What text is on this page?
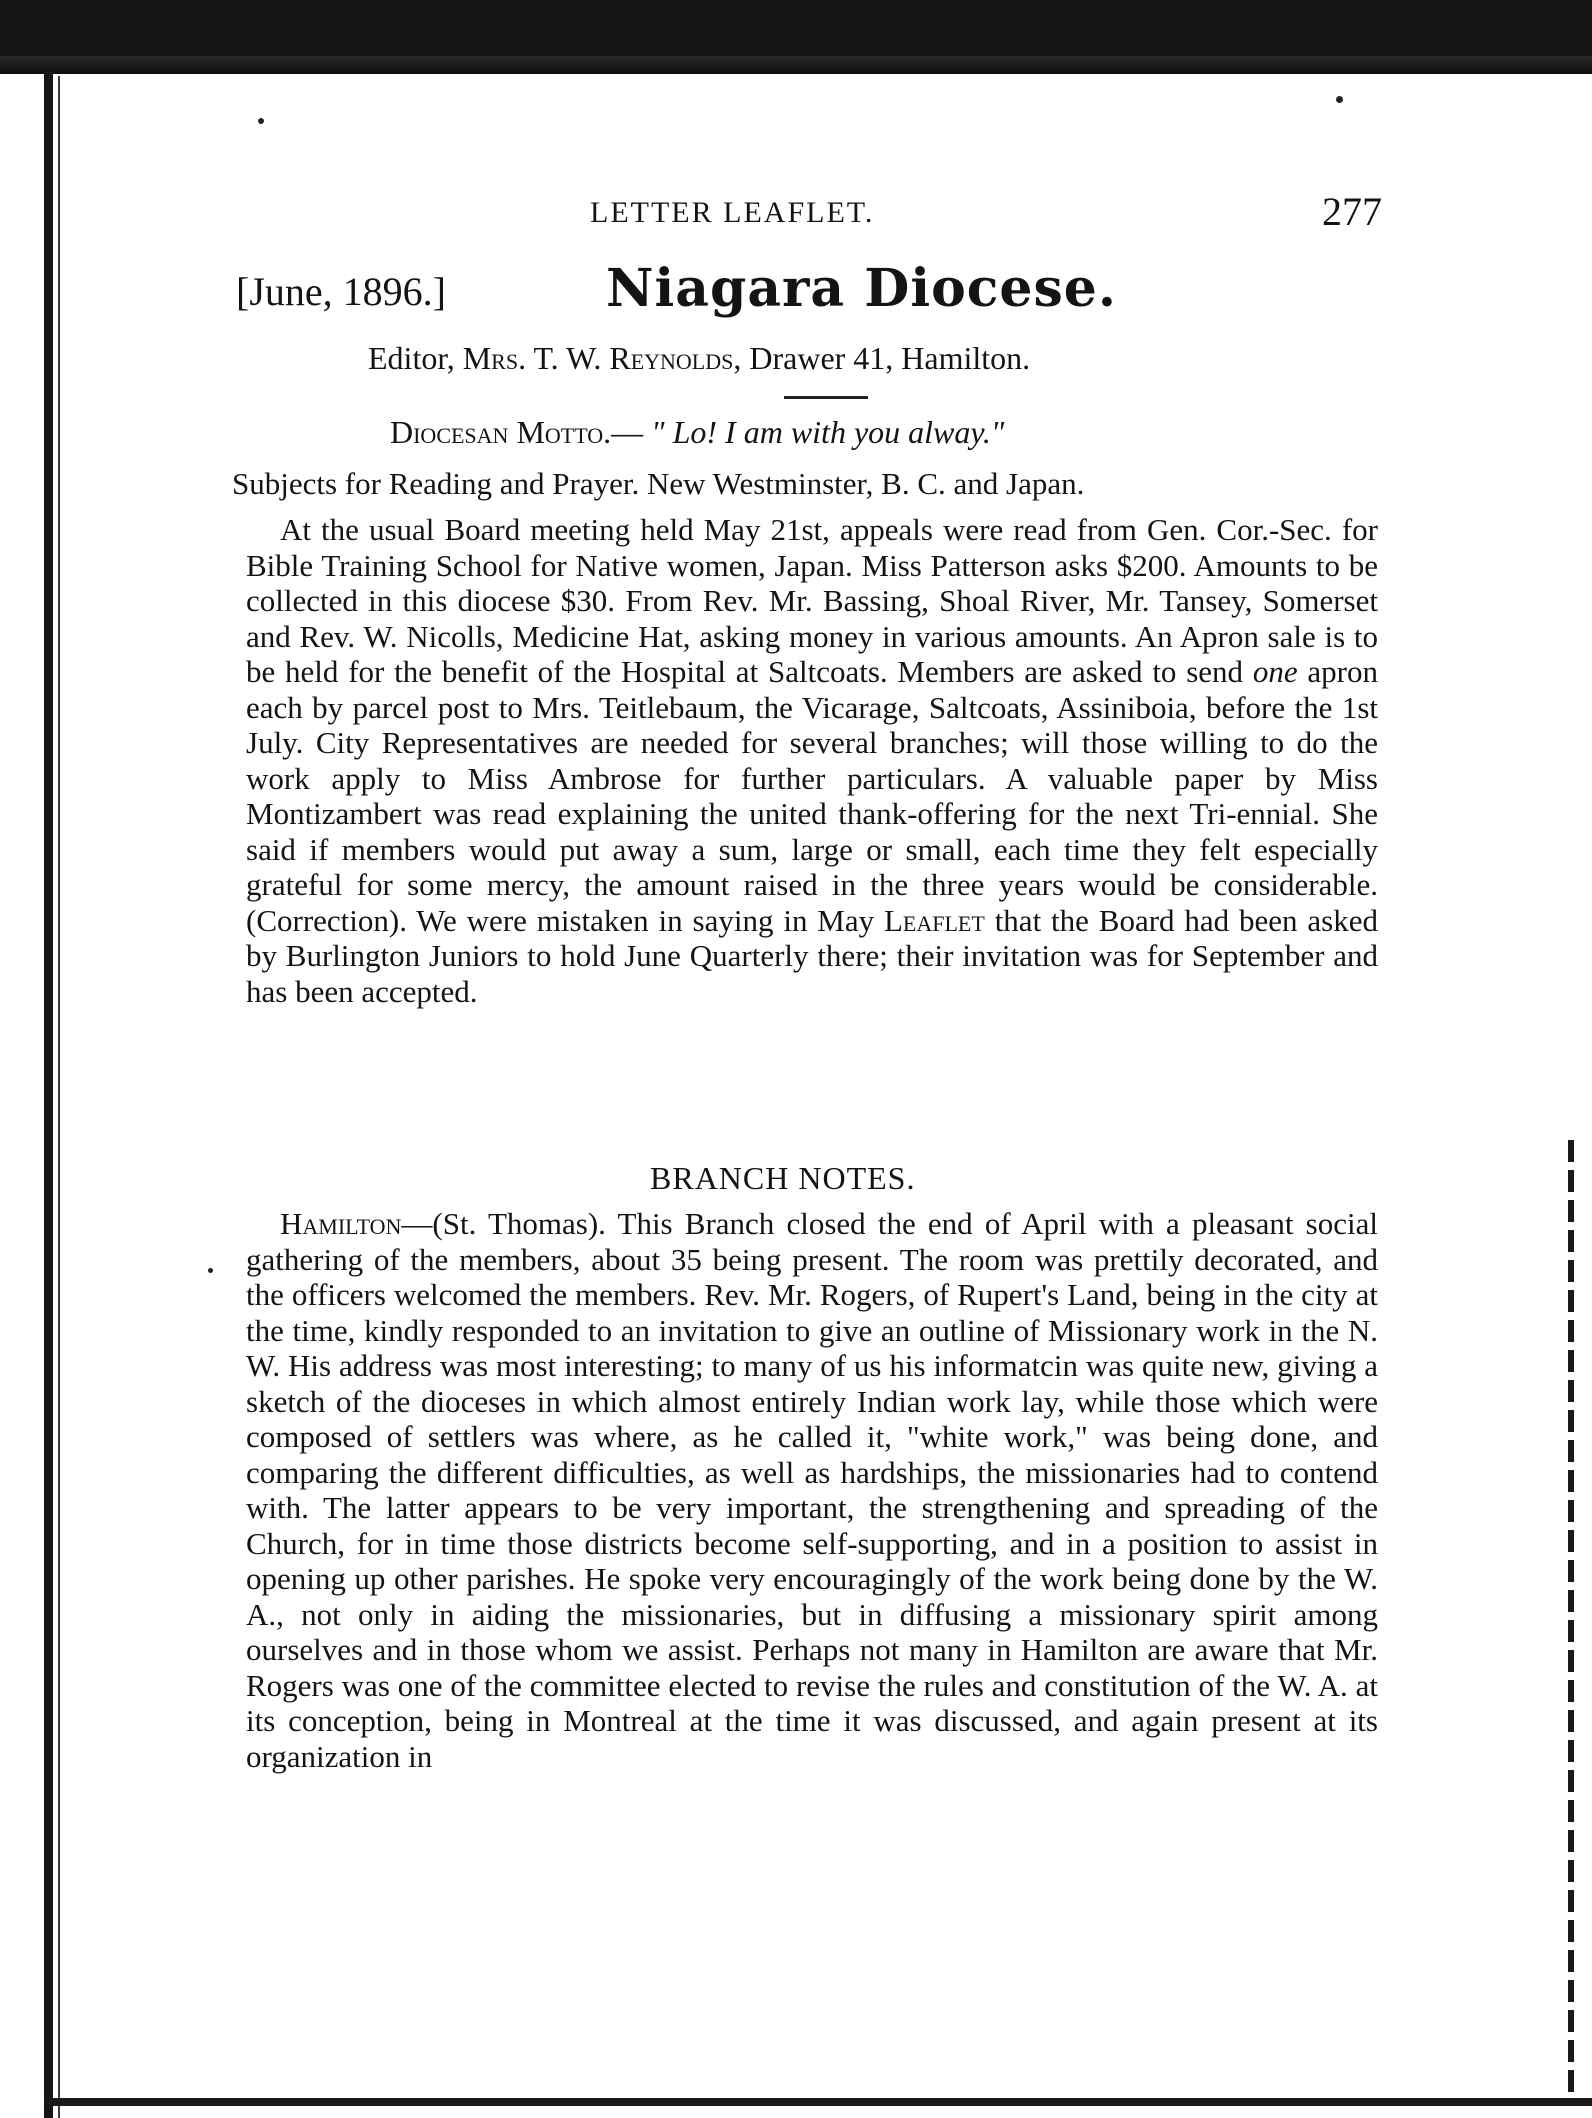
LETTER LEAFLET.	277
[June, 1896.]	Niagara Diocese.
Editor, Mrs. T. W. Reynolds, Drawer 41, Hamilton.
Diocesan Motto.— " Lo! I am with you alway."
Subjects for Reading and Prayer. New Westminster, B. C. and Japan.
At the usual Board meeting held May 21st, appeals were read from Gen. Cor.-Sec. for Bible Training School for Native women, Japan. Miss Patterson asks $200. Amounts to be collected in this diocese $30. From Rev. Mr. Bassing, Shoal River, Mr. Tansey, Somerset and Rev. W. Nicolls, Medicine Hat, asking money in various amounts. An Apron sale is to be held for the benefit of the Hospital at Saltcoats. Members are asked to send one apron each by parcel post to Mrs. Teitlebaum, the Vicarage, Saltcoats, Assiniboia, before the 1st July. City Representatives are needed for several branches; will those willing to do the work apply to Miss Ambrose for further particulars. A valuable paper by Miss Montizambert was read explaining the united thank-offering for the next Tri-ennial. She said if members would put away a sum, large or small, each time they felt especially grateful for some mercy, the amount raised in the three years would be considerable. (Correction). We were mistaken in saying in May Leaflet that the Board had been asked by Burlington Juniors to hold June Quarterly there; their invitation was for September and has been accepted.
BRANCH NOTES.
Hamilton—(St. Thomas). This Branch closed the end of April with a pleasant social gathering of the members, about 35 being present. The room was prettily decorated, and the officers welcomed the members. Rev. Mr. Rogers, of Rupert's Land, being in the city at the time, kindly responded to an invitation to give an outline of Missionary work in the N. W. His address was most interesting; to many of us his informatcin was quite new, giving a sketch of the dioceses in which almost entirely Indian work lay, while those which were composed of settlers was where, as he called it, "white work," was being done, and comparing the different difficulties, as well as hardships, the missionaries had to contend with. The latter appears to be very important, the strengthening and spreading of the Church, for in time those districts become self-supporting, and in a position to assist in opening up other parishes. He spoke very encouragingly of the work being done by the W. A., not only in aiding the missionaries, but in diffusing a missionary spirit among ourselves and in those whom we assist. Perhaps not many in Hamilton are aware that Mr. Rogers was one of the committee elected to revise the rules and constitution of the W. A. at its conception, being in Montreal at the time it was discussed, and again present at its organization in
